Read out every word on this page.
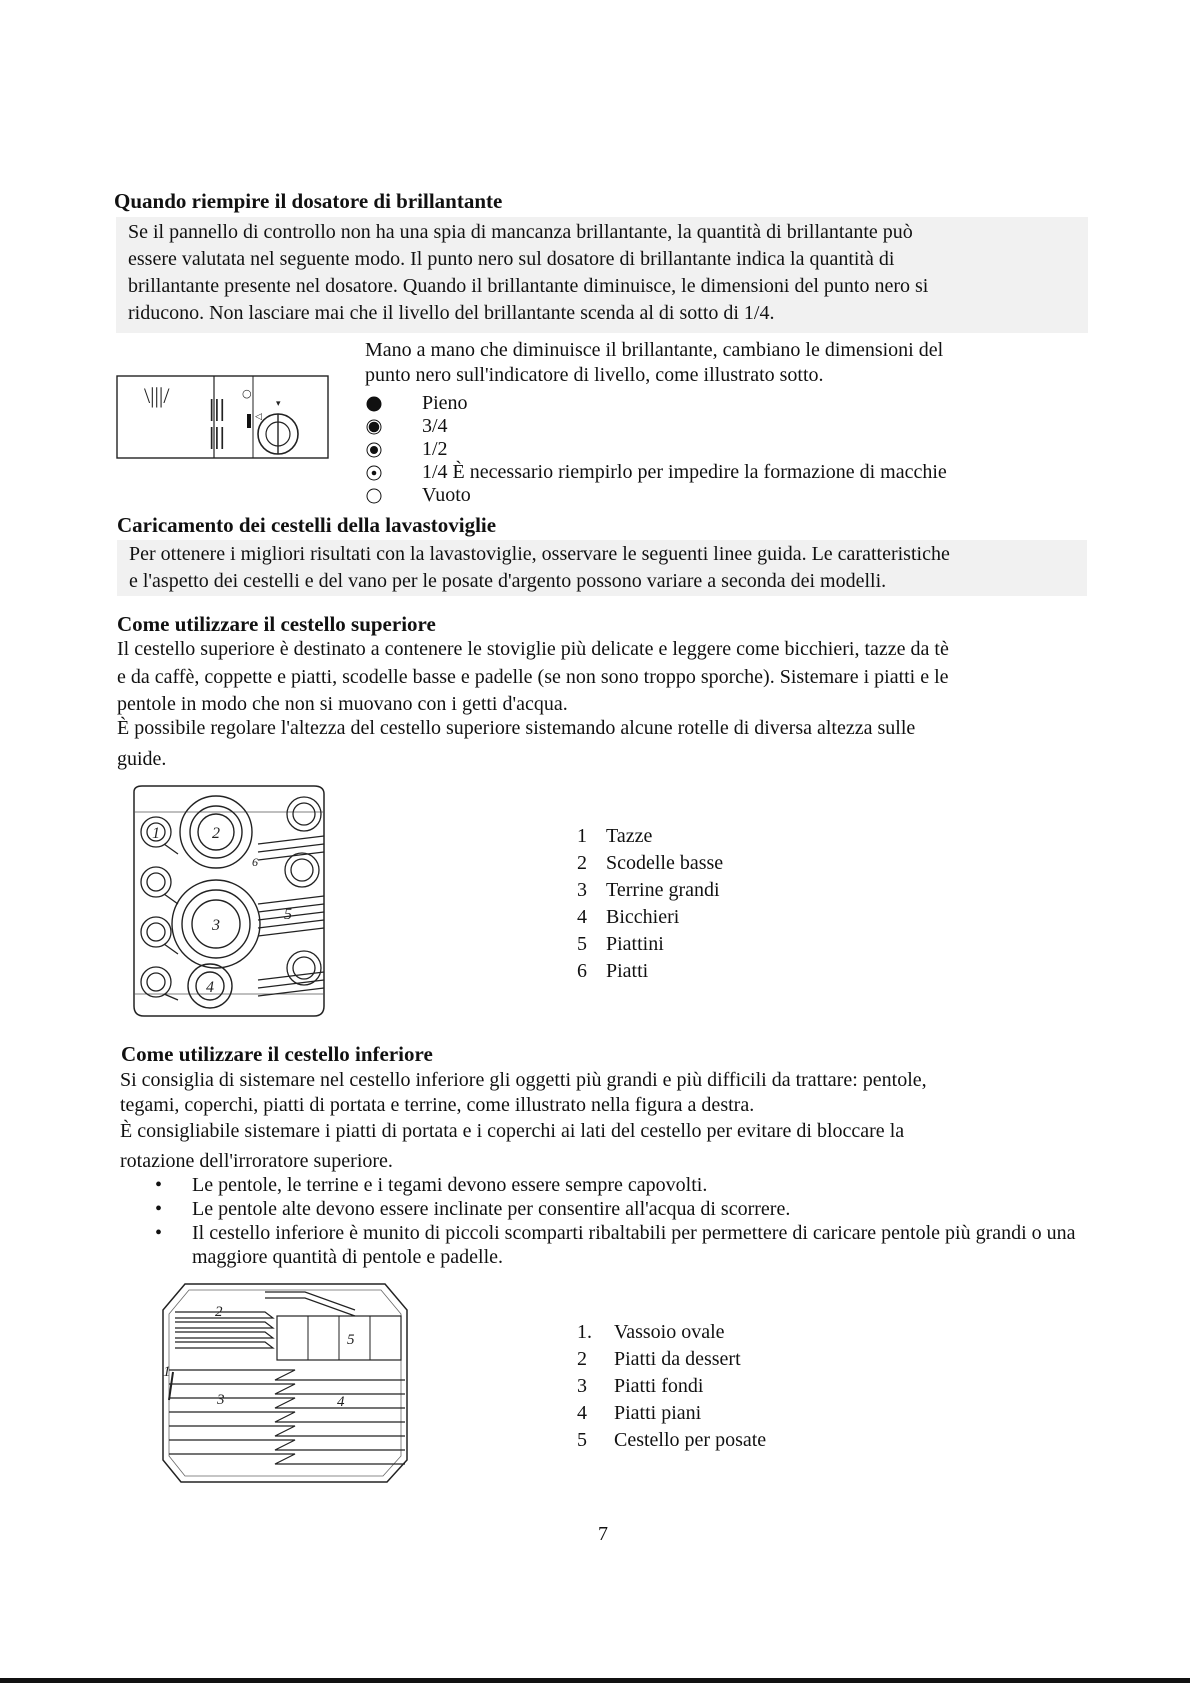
Quando riempire il dosatore di brillantante
Se il pannello di controllo non ha una spia di mancanza brillantante, la quantità di brillantante può
essere valutata nel seguente modo. Il punto nero sul dosatore di brillantante indica la quantità di
brillantante presente nel dosatore. Quando il brillantante diminuisce, le dimensioni del punto nero si
riducono. Non lasciare mai che il livello del brillantante scenda al di sotto di 1/4.
\|||/
|||
|||
○
▾
◁
Mano a mano che diminuisce il brillantante, cambiano le dimensioni del
punto nero sull'indicatore di livello, come illustrato sotto.
Pieno
3/4
1/2
1/4 È necessario riempirlo per impedire la formazione di macchie
Vuoto
Caricamento dei cestelli della lavastoviglie
Per ottenere i migliori risultati con la lavastoviglie, osservare le seguenti linee guida. Le caratteristiche
e l'aspetto dei cestelli e del vano per le posate d'argento possono variare a seconda dei modelli.
Come utilizzare il cestello superiore
Il cestello superiore è destinato a contenere le stoviglie più delicate e leggere come bicchieri, tazze da tè
e da caffè, coppette e piatti, scodelle basse e padelle (se non sono troppo sporche). Sistemare i piatti e le
pentole in modo che non si muovano con i getti d'acqua.
È possibile regolare l'altezza del cestello superiore sistemando alcune rotelle di diversa altezza sulle
guide.
1	2
3
4
5
6
1 Tazze
2 Scodelle basse
3 Terrine grandi
4 Bicchieri
5 Piattini
6 Piatti
Come utilizzare il cestello inferiore
Si consiglia di sistemare nel cestello inferiore gli oggetti più grandi e più difficili da trattare: pentole,
tegami, coperchi, piatti di portata e terrine, come illustrato nella figura a destra.
È consigliabile sistemare i piatti di portata e i coperchi ai lati del cestello per evitare di bloccare la
rotazione dell'irroratore superiore.
• Le pentole, le terrine e i tegami devono essere sempre capovolti.
• Le pentole alte devono essere inclinate per consentire all'acqua di scorrere.
• Il cestello inferiore è munito di piccoli scomparti ribaltabili per permettere di caricare pentole più grandi o una maggiore quantità di pentole e padelle.
1
2
3	4
5	1. Vassoio ovale
2 Piatti da dessert
3 Piatti fondi
4 Piatti piani
5 Cestello per posate
7
